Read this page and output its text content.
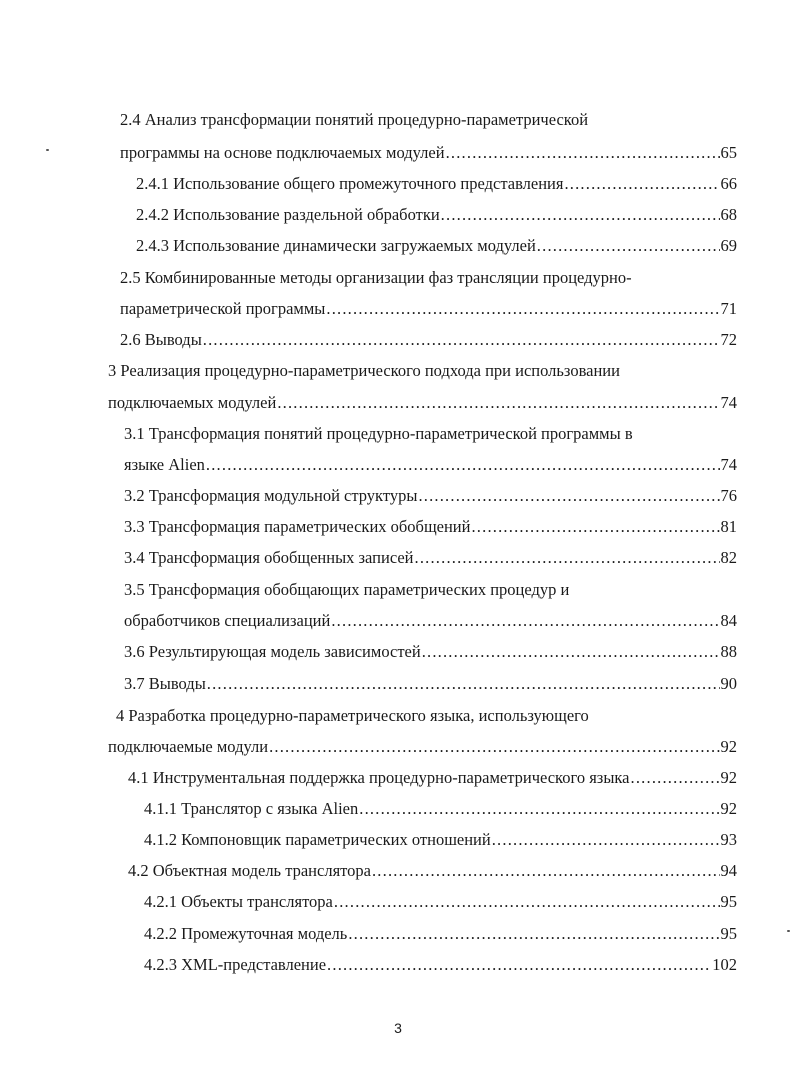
2.4 Анализ трансформации понятий процедурно-параметрической
программы на основе подключаемых модулей .....	65
2.4.1 Использование общего промежуточного представления .....	66
2.4.2 Использование раздельной обработки .....	68
2.4.3 Использование динамически загружаемых модулей .....	69
2.5 Комбинированные методы организации фаз трансляции процедурно-
параметрической программы .....	71
2.6 Выводы .....	72
3 Реализация процедурно-параметрического подхода при использовании
подключаемых модулей .....	74
3.1 Трансформация понятий процедурно-параметрической программы в
языке Alien .....	74
3.2 Трансформация модульной структуры .....	76
3.3 Трансформация параметрических обобщений .....	81
3.4 Трансформация обобщенных записей .....	82
3.5 Трансформация обобщающих параметрических процедур и
обработчиков специализаций .....	84
3.6 Результирующая модель зависимостей .....	88
3.7 Выводы .....	90
4 Разработка процедурно-параметрического языка, использующего
подключаемые модули .....	92
4.1 Инструментальная поддержка процедурно-параметрического языка .....	92
4.1.1 Транслятор с языка Alien .....	92
4.1.2 Компоновщик параметрических отношений .....	93
4.2 Объектная модель транслятора .....	94
4.2.1 Объекты транслятора .....	95
4.2.2 Промежуточная модель .....	95
4.2.3 XML-представление .....	102
3
